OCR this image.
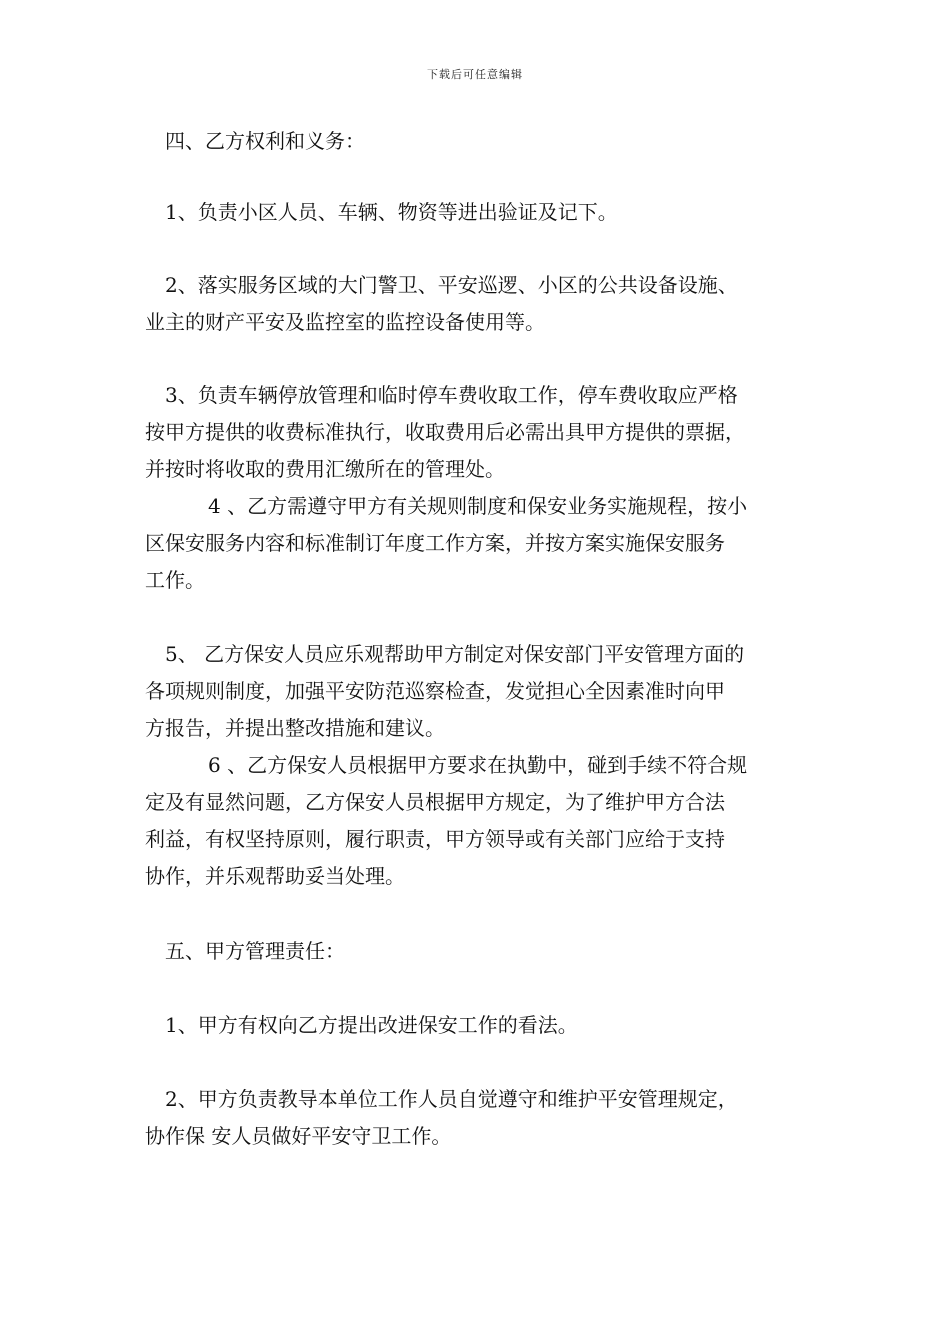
下载后可任意编辑
四、乙方权利和义务：
1、负责小区人员、车辆、物资等进出验证及记下。
2、落实服务区域的大门警卫、平安巡逻、小区的公共设备设施、
业主的财产平安及监控室的监控设备使用等。
3、负责车辆停放管理和临时停车费收取工作，停车费收取应严格
按甲方提供的收费标准执行，收取费用后必需出具甲方提供的票据，
并按时将收取的费用汇缴所在的管理处。
4 、乙方需遵守甲方有关规则制度和保安业务实施规程，按小
区保安服务内容和标准制订年度工作方案，并按方案实施保安服务
工作。
5、 乙方保安人员应乐观帮助甲方制定对保安部门平安管理方面的
各项规则制度，加强平安防范巡察检查，发觉担心全因素准时向甲
方报告，并提出整改措施和建议。
6 、乙方保安人员根据甲方要求在执勤中，碰到手续不符合规
定及有显然问题，乙方保安人员根据甲方规定，为了维护甲方合法
利益，有权坚持原则，履行职责，甲方领导或有关部门应给于支持
协作，并乐观帮助妥当处理。
五、甲方管理责任：
1、甲方有权向乙方提出改进保安工作的看法。
2、甲方负责教导本单位工作人员自觉遵守和维护平安管理规定，
协作保 安人员做好平安守卫工作。
